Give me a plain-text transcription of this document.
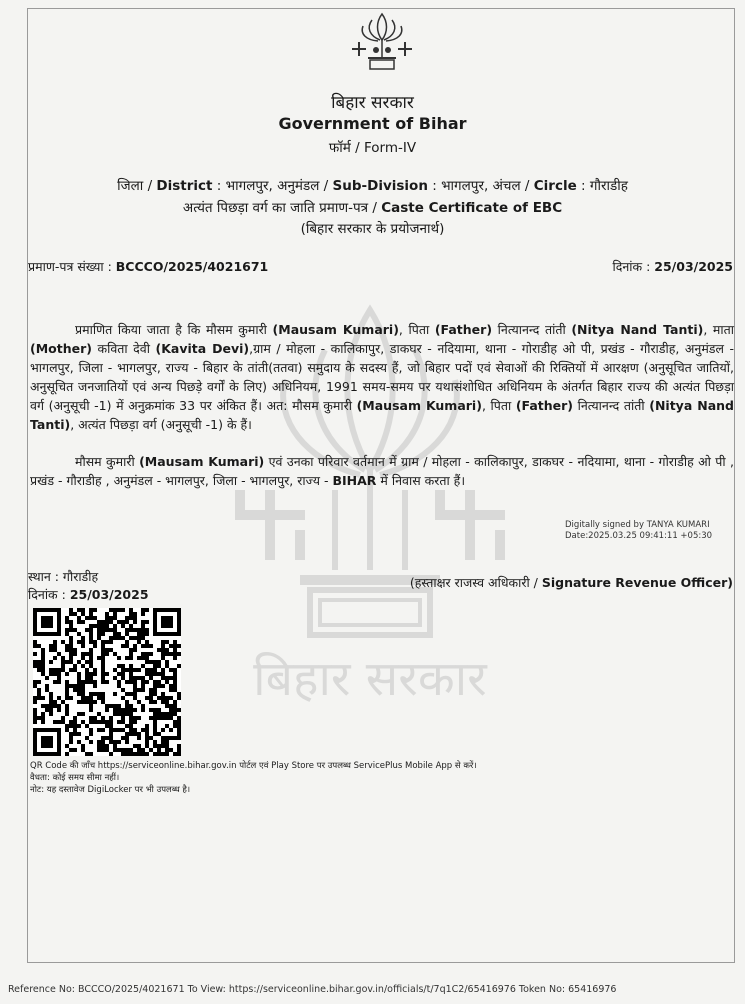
बिहार सरकार
बिहार सरकार
Government of Bihar
फॉर्म / Form-IV
जिला / District : भागलपुर, अनुमंडल / Sub-Division : भागलपुर, अंचल / Circle : गौराडीह
अत्यंत पिछड़ा वर्ग का जाति प्रमाण-पत्र / Caste Certificate of EBC
(बिहार सरकार के प्रयोजनार्थ)
प्रमाण-पत्र संख्या : BCCCO/2025/4021671	दिनांक : 25/03/2025
प्रमाणित किया जाता है कि मौसम कुमारी (Mausam Kumari), पिता (Father) नित्यानन्द तांती (Nitya Nand Tanti), माता (Mother) कविता देवी (Kavita Devi),ग्राम / मोहला - कालिकापुर, डाकघर - नदियामा, थाना - गोराडीह ओ पी, प्रखंड - गौराडीह, अनुमंडल - भागलपुर, जिला - भागलपुर, राज्य - बिहार के तांती(ततवा) समुदाय के सदस्य हैं, जो बिहार पदों एवं सेवाओं की रिक्तियों में आरक्षण (अनुसूचित जातियों, अनुसूचित जनजातियों एवं अन्य पिछड़े वर्गों के लिए) अधिनियम, 1991 समय-समय पर यथासंशोधित अधिनियम के अंतर्गत बिहार राज्य की अत्यंत पिछड़ा वर्ग (अनुसूची -1) में अनुक्रमांक 33 पर अंकित हैं। अत: मौसम कुमारी (Mausam Kumari), पिता (Father) नित्यानन्द तांती (Nitya Nand Tanti), अत्यंत पिछड़ा वर्ग (अनुसूची -1) के हैं।
मौसम कुमारी (Mausam Kumari) एवं उनका परिवार वर्तमान में ग्राम / मोहला - कालिकापुर, डाकघर - नदियामा, थाना - गोराडीह ओ पी , प्रखंड - गौराडीह , अनुमंडल - भागलपुर, जिला - भागलपुर, राज्य - BIHAR में निवास करता हैं।
Digitally signed by TANYA KUMARI
Date:2025.03.25 09:41:11 +05:30
स्थान : गौराडीह
दिनांक : 25/03/2025
(हस्ताक्षर राजस्व अधिकारी / Signature Revenue Officer)
QR Code की जाँच https://serviceonline.bihar.gov.in पोर्टल एवं Play Store पर उपलब्ध ServicePlus Mobile App से करें।
वैधता: कोई समय सीमा नहीं।
नोट: यह दस्तावेज DigiLocker पर भी उपलब्ध है।
Reference No: BCCCO/2025/4021671 To View: https://serviceonline.bihar.gov.in/officials/t/7q1C2/65416976 Token No: 65416976
